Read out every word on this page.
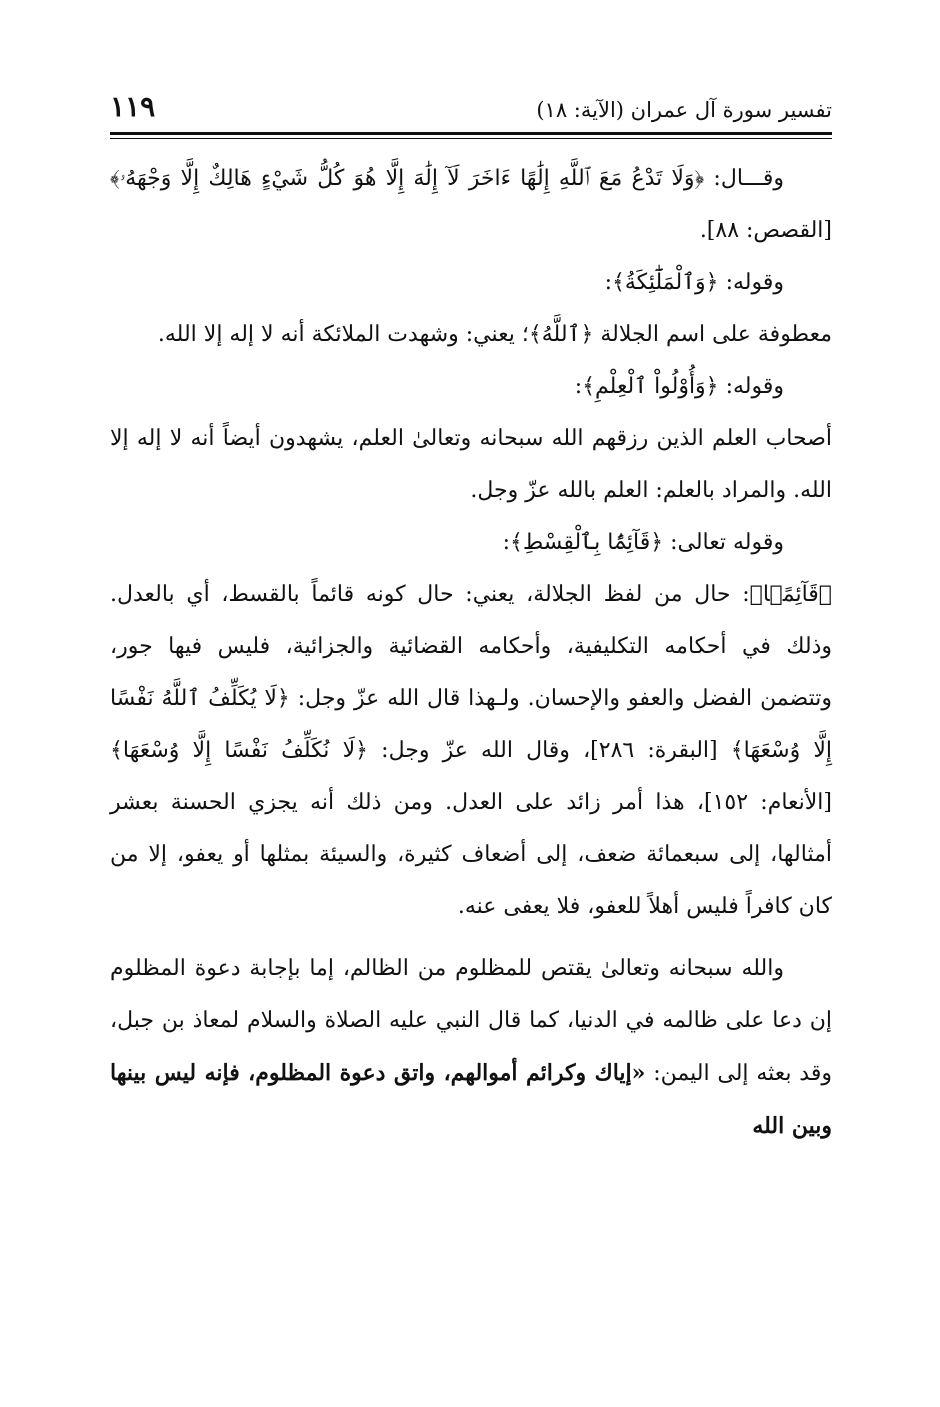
تفسير سورة آل عمران (الآية: ١٨)
١١٩

وقـــال: ﴿وَلَا تَدْعُ مَعَ ٱللَّهِ إِلَٰهًا ءَاخَرَ لَآ إِلَٰهَ إِلَّا هُوَ كُلُّ شَيْءٍ هَالِكٌ إِلَّا وَجْهَهُۥ﴾ [القصص: ٨٨].

وقوله: ﴿وَٱلْمَلَٰٓئِكَةُ﴾:

معطوفة على اسم الجلالة ﴿ٱللَّهُ﴾؛ يعني: وشهدت الملائكة أنه لا إله إلا الله.

وقوله: ﴿وَأُوْلُواْ ٱلْعِلْمِ﴾:

أصحاب العلم الذين رزقهم الله سبحانه وتعالىٰ العلم، يشهدون أيضاً أنه لا إله إلا الله. والمراد بالعلم: العلم بالله عزّ وجل.

وقوله تعالى: ﴿قَآئِمًۢا بِٱلْقِسْطِ﴾:

﴿قَآئِمًۢا﴾: حال من لفظ الجلالة، يعني: حال كونه قائماً بالقسط، أي بالعدل. وذلك في أحكامه التكليفية، وأحكامه القضائية والجزائية، فليس فيها جور، وتتضمن الفضل والعفو والإحسان. ولـهذا قال الله عزّ وجل: ﴿لَا يُكَلِّفُ ٱللَّهُ نَفْسًا إِلَّا وُسْعَهَا﴾ [البقرة: ٢٨٦]، وقال الله عزّ وجل: ﴿لَا نُكَلِّفُ نَفْسًا إِلَّا وُسْعَهَا﴾ [الأنعام: ١٥٢]، هذا أمر زائد على العدل. ومن ذلك أنه يجزي الحسنة بعشر أمثالها، إلى سبعمائة ضعف، إلى أضعاف كثيرة، والسيئة بمثلها أو يعفو، إلا من كان كافراً فليس أهلاً للعفو، فلا يعفى عنه.

والله سبحانه وتعالىٰ يقتص للمظلوم من الظالم، إما بإجابة دعوة المظلوم إن دعا على ظالمه في الدنيا، كما قال النبي عليه الصلاة والسلام لمعاذ بن جبل، وقد بعثه إلى اليمن: «إياك وكرائم أموالهم، واتق دعوة المظلوم، فإنه ليس بينها وبين الله
